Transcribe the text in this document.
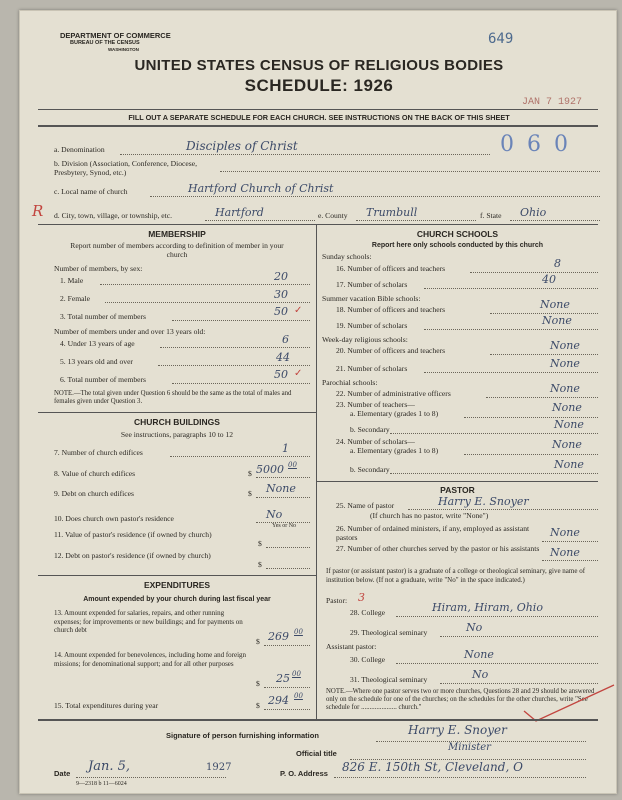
DEPARTMENT OF COMMERCE
BUREAU OF THE CENSUS
WASHINGTON
649
UNITED STATES CENSUS OF RELIGIOUS BODIES
SCHEDULE: 1926
JAN 7 1927
FILL OUT A SEPARATE SCHEDULE FOR EACH CHURCH. SEE INSTRUCTIONS ON THE BACK OF THIS SHEET
a. Denomination	Disciples of Christ	0 6 0
b. Division (Association, Conference, Diocese, Presbytery, Synod, etc.)
c. Local name of church	Hartford Church of Christ
R d. City, town, village, or township, etc.	Hartford	e. County Trumbull	f. State Ohio
MEMBERSHIP
Report number of members according to definition of member in your church
Number of members, by sex:
1. Male	20
2. Female	30
3. Total number of members	50 ✓
Number of members under and over 13 years old:
4. Under 13 years of age	6
5. 13 years old and over	44
6. Total number of members	50 ✓
NOTE.—The total given under Question 6 should be the same as the total of males and females given under Question 3.
CHURCH BUILDINGS
See instructions, paragraphs 10 to 12
7. Number of church edifices	1
8. Value of church edifices	$ 5000 00
9. Debt on church edifices	$ None
10. Does church own pastor's residence	No
Yes or No
11. Value of pastor's residence (if owned by church)
$
12. Debt on pastor's residence (if owned by church)
$
EXPENDITURES
Amount expended by your church during last fiscal year
13. Amount expended for salaries, repairs, and other running expenses; for improvements or new buildings; and for payments on church debt
$ 269 00
14. Amount expended for benevolences, including home and foreign missions; for denominational support; and for all other purposes
$ 25 00
15. Total expenditures during year	$ 294 00
CHURCH SCHOOLS
Report here only schools conducted by this church
Sunday schools:
16. Number of officers and teachers	8
17. Number of scholars	40
Summer vacation Bible schools:
18. Number of officers and teachers	None
19. Number of scholars	None
Week-day religious schools:
20. Number of officers and teachers	None
21. Number of scholars	None
Parochial schools:
22. Number of administrative officers	None
23. Number of teachers—
a. Elementary (grades 1 to 8)	None
b. Secondary	None
24. Number of scholars—
a. Elementary (grades 1 to 8)	None
b. Secondary	None
PASTOR
25. Name of pastor	Harry E. Snoyer
(If church has no pastor, write "None")
26. Number of ordained ministers, if any, employed as assistant pastors	None
27. Number of other churches served by the pastor or his assistants None
If pastor (or assistant pastor) is a graduate of a college or theological seminary, give name of institution below. (If not a graduate, write "No" in the space indicated.)
Pastor: 3
28. College	Hiram, Hiram, Ohio
29. Theological seminary	No
Assistant pastor:
30. College	None
31. Theological seminary	No
NOTE.—Where one pastor serves two or more churches, Questions 28 and 29 should be answered only on the schedule for one of the churches; on the schedules for the other churches, write "See schedule for ..................... church."
Signature of person furnishing information	Harry E. Snoyer
Official title
Minister
Date Jan. 5,	1927
9—2318 b 11—6024
P. O. Address 826 E. 150th St, Cleveland, O
